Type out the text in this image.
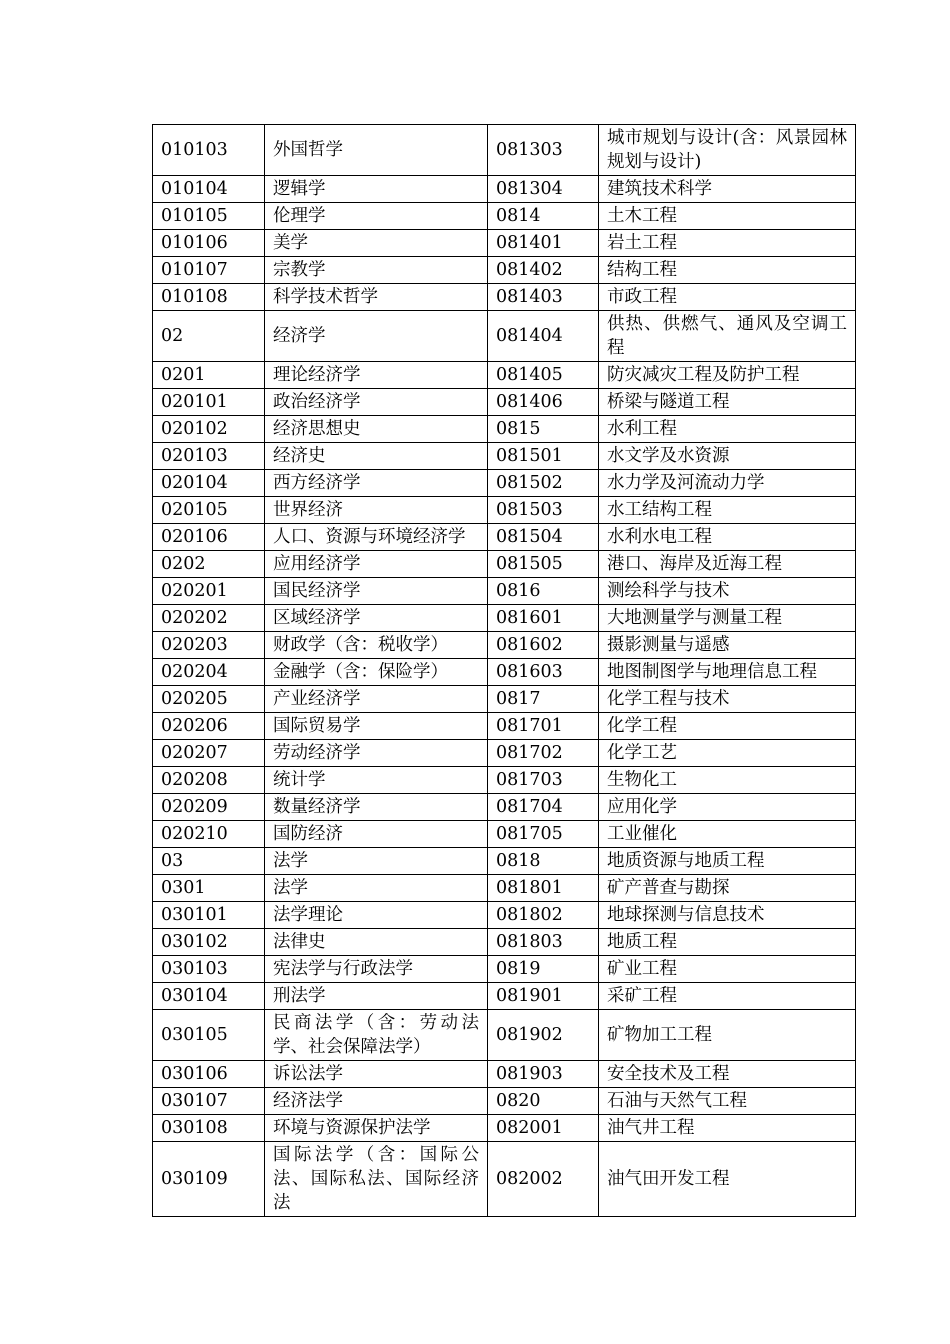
010103	外国哲学	081303	城市规划与设计(含：风景园林规划与设计)
010104	逻辑学	081304	建筑技术科学
010105	伦理学	0814	土木工程
010106	美学	081401	岩土工程
010107	宗教学	081402	结构工程
010108	科学技术哲学	081403	市政工程
02	经济学	081404	供热、供燃气、通风及空调工程
0201	理论经济学	081405	防灾减灾工程及防护工程
020101	政治经济学	081406	桥梁与隧道工程
020102	经济思想史	0815	水利工程
020103	经济史	081501	水文学及水资源
020104	西方经济学	081502	水力学及河流动力学
020105	世界经济	081503	水工结构工程
020106	人口、资源与环境经济学	081504	水利水电工程
0202	应用经济学	081505	港口、海岸及近海工程
020201	国民经济学	0816	测绘科学与技术
020202	区域经济学	081601	大地测量学与测量工程
020203	财政学（含：税收学）	081602	摄影测量与遥感
020204	金融学（含：保险学）	081603	地图制图学与地理信息工程
020205	产业经济学	0817	化学工程与技术
020206	国际贸易学	081701	化学工程
020207	劳动经济学	081702	化学工艺
020208	统计学	081703	生物化工
020209	数量经济学	081704	应用化学
020210	国防经济	081705	工业催化
03	法学	0818	地质资源与地质工程
0301	法学	081801	矿产普查与勘探
030101	法学理论	081802	地球探测与信息技术
030102	法律史	081803	地质工程
030103	宪法学与行政法学	0819	矿业工程
030104	刑法学	081901	采矿工程
030105	民商法学（含：劳动法学、社会保障法学）	081902	矿物加工工程
030106	诉讼法学	081903	安全技术及工程
030107	经济法学	0820	石油与天然气工程
030108	环境与资源保护法学	082001	油气井工程
030109	国际法学（含：国际公法、国际私法、国际经济法	082002	油气田开发工程
